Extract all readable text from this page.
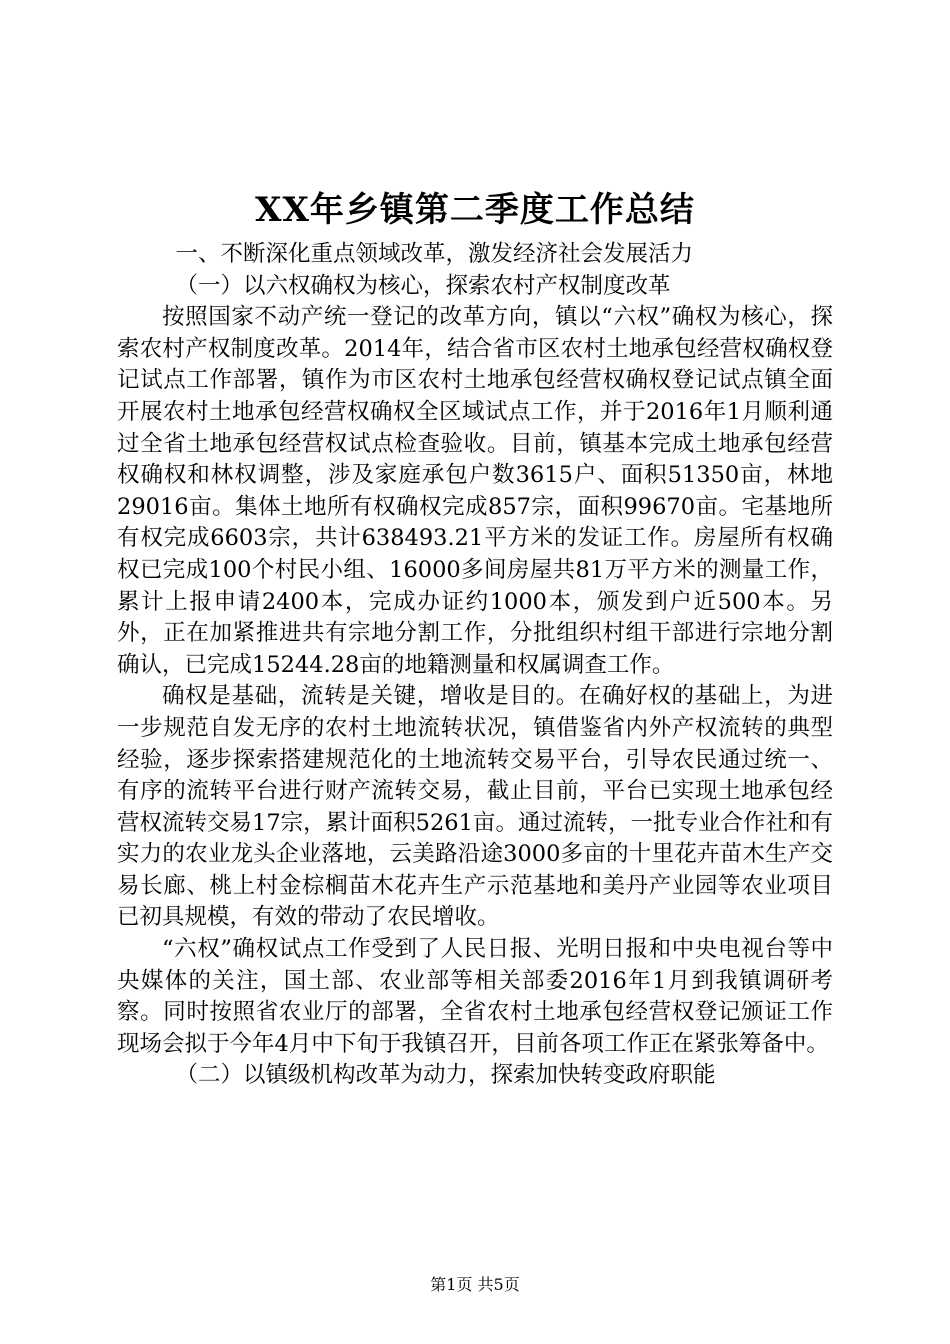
XX年乡镇第二季度工作总结

一、不断深化重点领域改革，激发经济社会发展活力

（一）以六权确权为核心，探索农村产权制度改革

按照国家不动产统一登记的改革方向，镇以“六权”确权为核心，探索农村产权制度改革。2014年，结合省市区农村土地承包经营权确权登记试点工作部署，镇作为市区农村土地承包经营权确权登记试点镇全面开展农村土地承包经营权确权全区域试点工作，并于2016年1月顺利通过全省土地承包经营权试点检查验收。目前，镇基本完成土地承包经营权确权和林权调整，涉及家庭承包户数3615户、面积51350亩，林地29016亩。集体土地所有权确权完成857宗，面积99670亩。宅基地所有权完成6603宗，共计638493.21平方米的发证工作。房屋所有权确权已完成100个村民小组、16000多间房屋共81万平方米的测量工作，累计上报申请2400本，完成办证约1000本，颁发到户近500本。另外，正在加紧推进共有宗地分割工作，分批组织村组干部进行宗地分割确认，已完成15244.28亩的地籍测量和权属调查工作。

确权是基础，流转是关键，增收是目的。在确好权的基础上，为进一步规范自发无序的农村土地流转状况，镇借鉴省内外产权流转的典型经验，逐步探索搭建规范化的土地流转交易平台，引导农民通过统一、有序的流转平台进行财产流转交易，截止目前，平台已实现土地承包经营权流转交易17宗，累计面积5261亩。通过流转，一批专业合作社和有实力的农业龙头企业落地，云美路沿途3000多亩的十里花卉苗木生产交易长廊、桃上村金棕榈苗木花卉生产示范基地和美丹产业园等农业项目已初具规模，有效的带动了农民增收。

“六权”确权试点工作受到了人民日报、光明日报和中央电视台等中央媒体的关注，国土部、农业部等相关部委2016年1月到我镇调研考察。同时按照省农业厅的部署，全省农村土地承包经营权登记颁证工作现场会拟于今年4月中下旬于我镇召开，目前各项工作正在紧张筹备中。

（二）以镇级机构改革为动力，探索加快转变政府职能

第1页 共5页
